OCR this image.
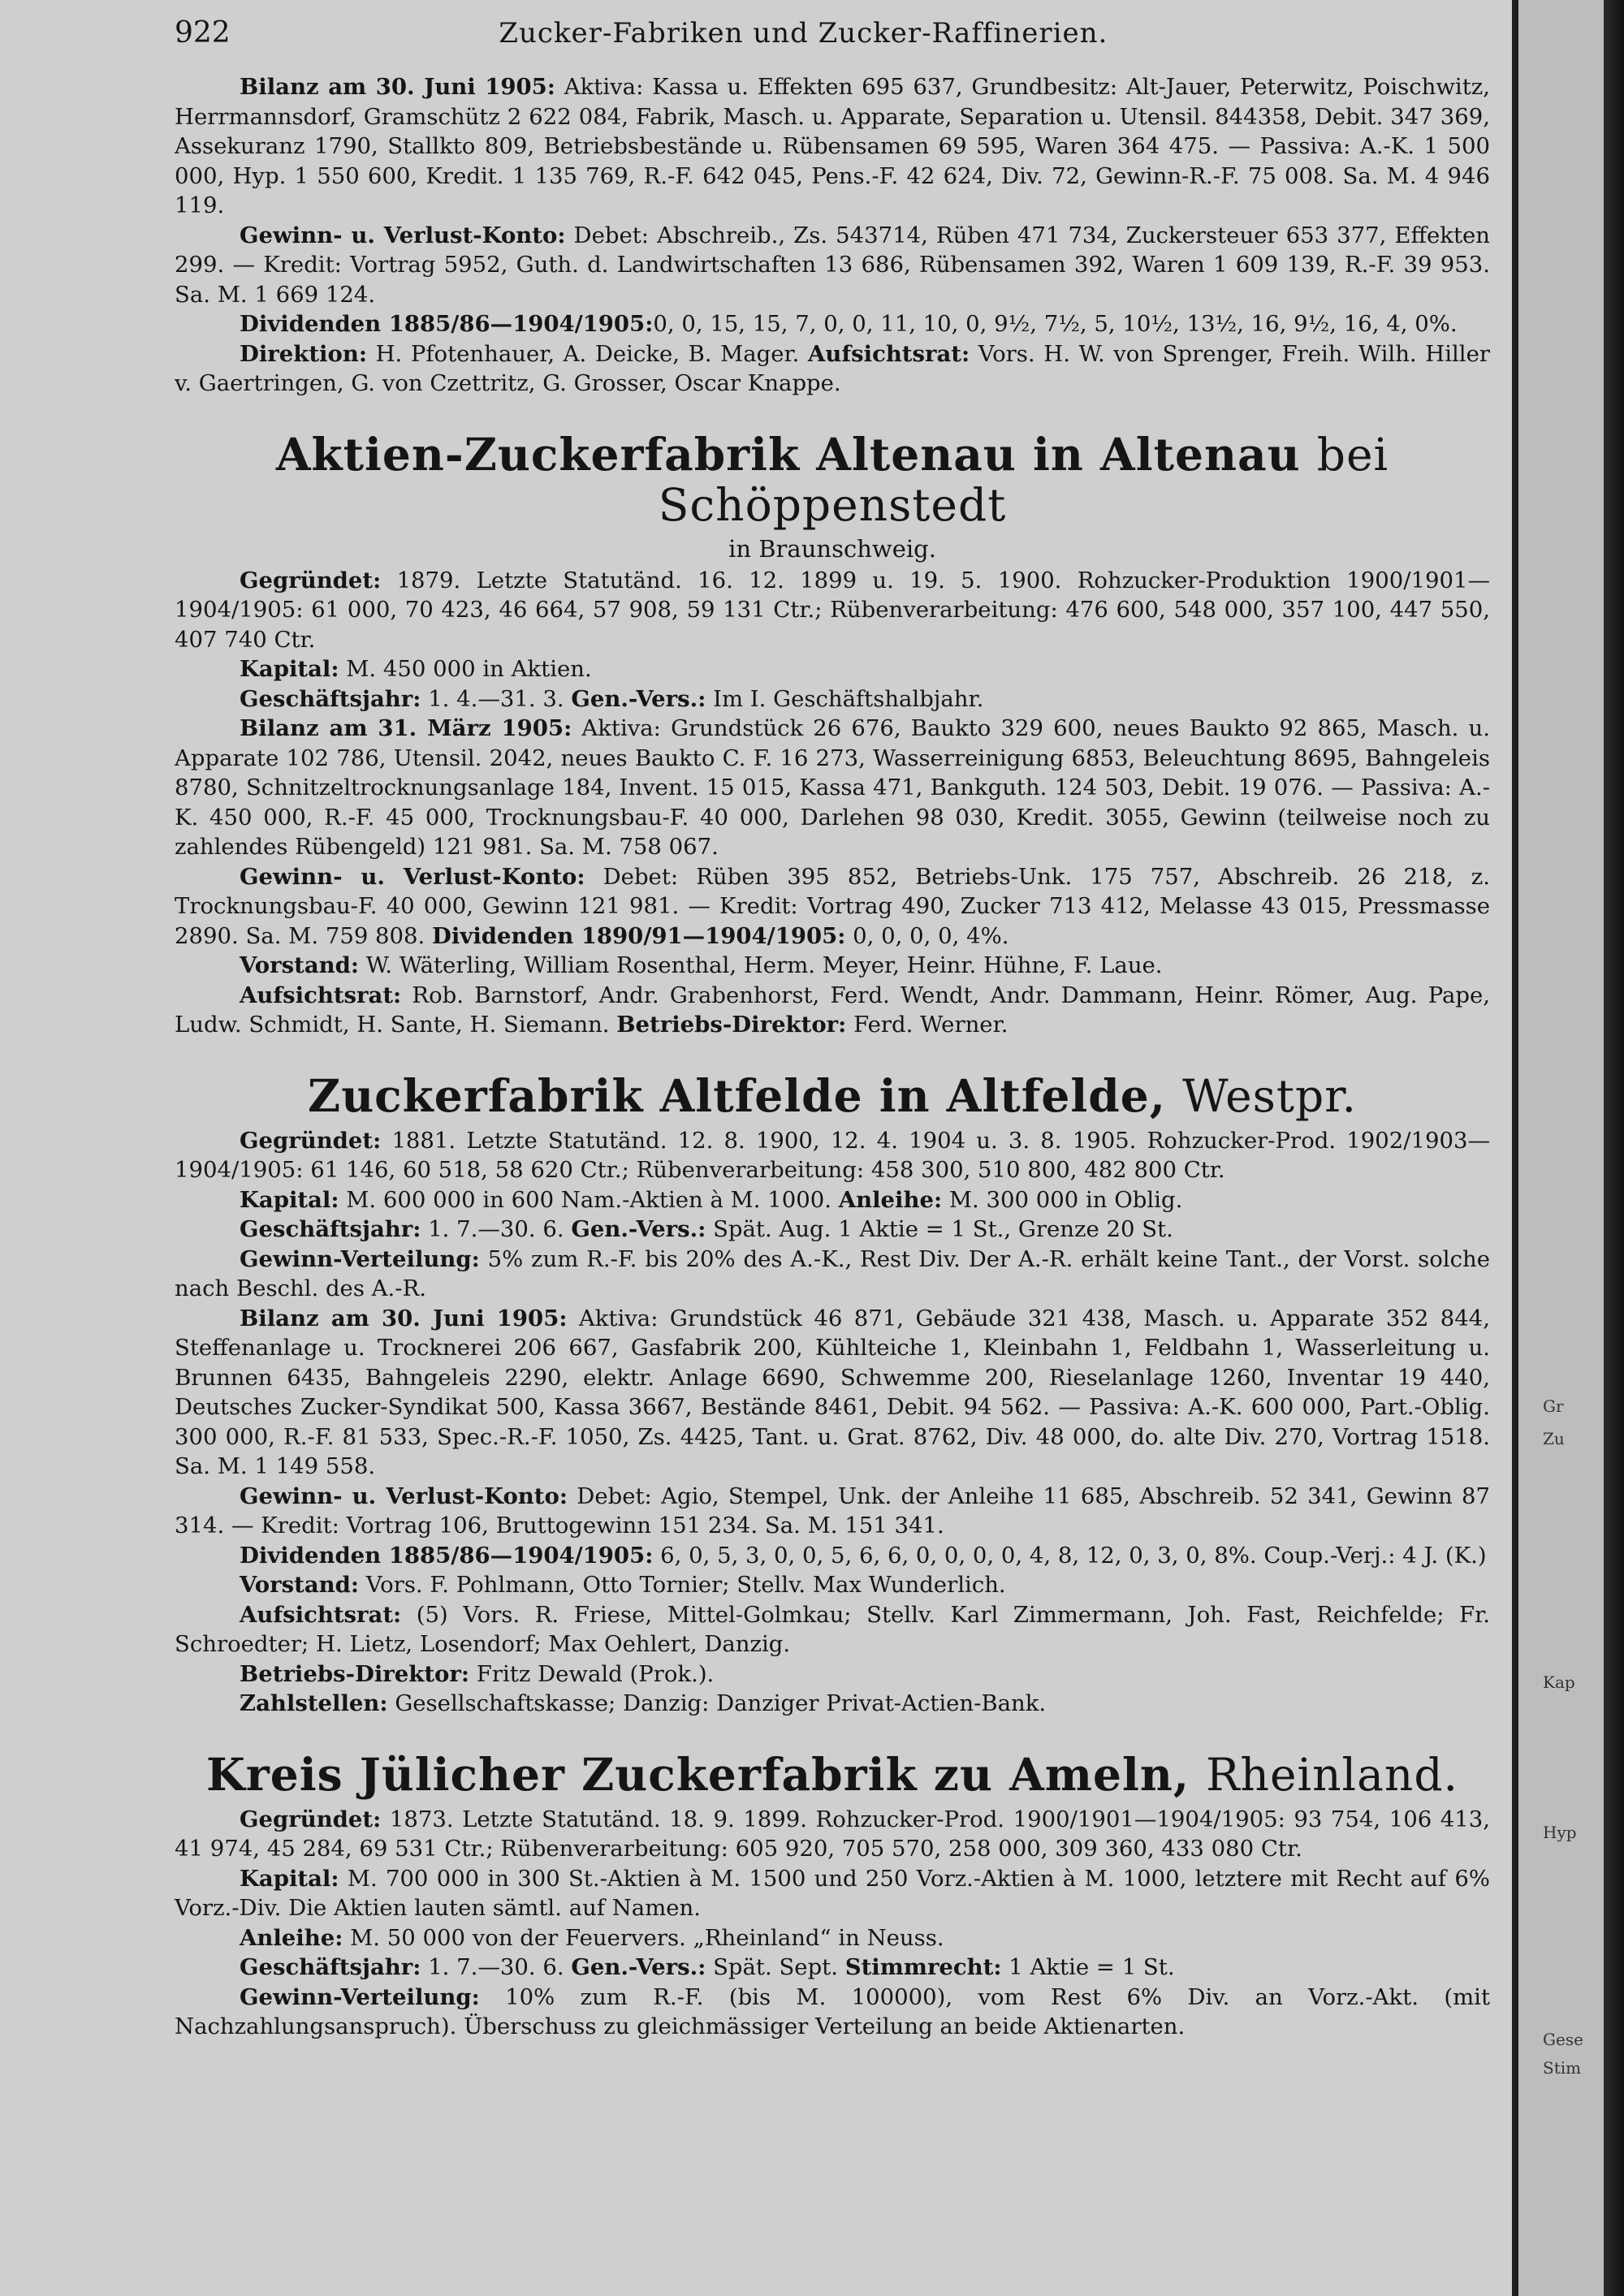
922	Zucker-Fabriken und Zucker-Raffinerien.

Bilanz am 30. Juni 1905: Aktiva: Kassa u. Effekten 695 637, Grundbesitz: Alt-Jauer, Peterwitz, Poischwitz, Herrmannsdorf, Gramschütz 2 622 084, Fabrik, Masch. u. Apparate, Separation u. Utensil. 844358, Debit. 347 369, Assekuranz 1790, Stallkto 809, Betriebsbestände u. Rübensamen 69 595, Waren 364 475. — Passiva: A.-K. 1 500 000, Hyp. 1 550 600, Kredit. 1 135 769, R.-F. 642 045, Pens.-F. 42 624, Div. 72, Gewinn-R.-F. 75 008. Sa. M. 4 946 119.

Gewinn- u. Verlust-Konto: Debet: Abschreib., Zs. 543714, Rüben 471 734, Zuckersteuer 653 377, Effekten 299. — Kredit: Vortrag 5952, Guth. d. Landwirtschaften 13 686, Rübensamen 392, Waren 1 609 139, R.-F. 39 953. Sa. M. 1 669 124.

Dividenden 1885/86—1904/1905:0, 0, 15, 15, 7, 0, 0, 11, 10, 0, 9½, 7½, 5, 10½, 13½, 16, 9½, 16, 4, 0%.

Direktion: H. Pfotenhauer, A. Deicke, B. Mager. Aufsichtsrat: Vors. H. W. von Sprenger, Freih. Wilh. Hiller v. Gaertringen, G. von Czettritz, G. Grosser, Oscar Knappe.

Aktien-Zuckerfabrik Altenau in Altenau bei Schöppenstedt
in Braunschweig.

Gegründet: 1879. Letzte Statutänd. 16. 12. 1899 u. 19. 5. 1900. Rohzucker-Produktion 1900/1901—1904/1905: 61 000, 70 423, 46 664, 57 908, 59 131 Ctr.; Rübenverarbeitung: 476 600, 548 000, 357 100, 447 550, 407 740 Ctr.

Kapital: M. 450 000 in Aktien.

Geschäftsjahr: 1. 4.—31. 3. Gen.-Vers.: Im I. Geschäftshalbjahr.

Bilanz am 31. März 1905: Aktiva: Grundstück 26 676, Baukto 329 600, neues Baukto 92 865, Masch. u. Apparate 102 786, Utensil. 2042, neues Baukto C. F. 16 273, Wasserreinigung 6853, Beleuchtung 8695, Bahngeleis 8780, Schnitzeltrocknungsanlage 184, Invent. 15 015, Kassa 471, Bankguth. 124 503, Debit. 19 076. — Passiva: A.-K. 450 000, R.-F. 45 000, Trocknungsbau-F. 40 000, Darlehen 98 030, Kredit. 3055, Gewinn (teilweise noch zu zahlendes Rübengeld) 121 981. Sa. M. 758 067.

Gewinn- u. Verlust-Konto: Debet: Rüben 395 852, Betriebs-Unk. 175 757, Abschreib. 26 218, z. Trocknungsbau-F. 40 000, Gewinn 121 981. — Kredit: Vortrag 490, Zucker 713 412, Melasse 43 015, Pressmasse 2890. Sa. M. 759 808. Dividenden 1890/91—1904/1905: 0, 0, 0, 0, 4%.

Vorstand: W. Wäterling, William Rosenthal, Herm. Meyer, Heinr. Hühne, F. Laue.

Aufsichtsrat: Rob. Barnstorf, Andr. Grabenhorst, Ferd. Wendt, Andr. Dammann, Heinr. Römer, Aug. Pape, Ludw. Schmidt, H. Sante, H. Siemann. Betriebs-Direktor: Ferd. Werner.

Zuckerfabrik Altfelde in Altfelde, Westpr.

Gegründet: 1881. Letzte Statutänd. 12. 8. 1900, 12. 4. 1904 u. 3. 8. 1905. Rohzucker-Prod. 1902/1903—1904/1905: 61 146, 60 518, 58 620 Ctr.; Rübenverarbeitung: 458 300, 510 800, 482 800 Ctr.

Kapital: M. 600 000 in 600 Nam.-Aktien à M. 1000. Anleihe: M. 300 000 in Oblig.

Geschäftsjahr: 1. 7.—30. 6. Gen.-Vers.: Spät. Aug. 1 Aktie = 1 St., Grenze 20 St.

Gewinn-Verteilung: 5% zum R.-F. bis 20% des A.-K., Rest Div. Der A.-R. erhält keine Tant., der Vorst. solche nach Beschl. des A.-R.

Bilanz am 30. Juni 1905: Aktiva: Grundstück 46 871, Gebäude 321 438, Masch. u. Apparate 352 844, Steffenanlage u. Trocknerei 206 667, Gasfabrik 200, Kühlteiche 1, Kleinbahn 1, Feldbahn 1, Wasserleitung u. Brunnen 6435, Bahngeleis 2290, elektr. Anlage 6690, Schwemme 200, Rieselanlage 1260, Inventar 19 440, Deutsches Zucker-Syndikat 500, Kassa 3667, Bestände 8461, Debit. 94 562. — Passiva: A.-K. 600 000, Part.-Oblig. 300 000, R.-F. 81 533, Spec.-R.-F. 1050, Zs. 4425, Tant. u. Grat. 8762, Div. 48 000, do. alte Div. 270, Vortrag 1518. Sa. M. 1 149 558.

Gewinn- u. Verlust-Konto: Debet: Agio, Stempel, Unk. der Anleihe 11 685, Abschreib. 52 341, Gewinn 87 314. — Kredit: Vortrag 106, Bruttogewinn 151 234. Sa. M. 151 341.

Dividenden 1885/86—1904/1905: 6, 0, 5, 3, 0, 0, 5, 6, 6, 0, 0, 0, 0, 4, 8, 12, 0, 3, 0, 8%. Coup.-Verj.: 4 J. (K.)

Vorstand: Vors. F. Pohlmann, Otto Tornier; Stellv. Max Wunderlich.

Aufsichtsrat: (5) Vors. R. Friese, Mittel-Golmkau; Stellv. Karl Zimmermann, Joh. Fast, Reichfelde; Fr. Schroedter; H. Lietz, Losendorf; Max Oehlert, Danzig.

Betriebs-Direktor: Fritz Dewald (Prok.).

Zahlstellen: Gesellschaftskasse; Danzig: Danziger Privat-Actien-Bank.

Kreis Jülicher Zuckerfabrik zu Ameln, Rheinland.

Gegründet: 1873. Letzte Statutänd. 18. 9. 1899. Rohzucker-Prod. 1900/1901—1904/1905: 93 754, 106 413, 41 974, 45 284, 69 531 Ctr.; Rübenverarbeitung: 605 920, 705 570, 258 000, 309 360, 433 080 Ctr.

Kapital: M. 700 000 in 300 St.-Aktien à M. 1500 und 250 Vorz.-Aktien à M. 1000, letztere mit Recht auf 6% Vorz.-Div. Die Aktien lauten sämtl. auf Namen.

Anleihe: M. 50 000 von der Feuervers. „Rheinland“ in Neuss.

Geschäftsjahr: 1. 7.—30. 6. Gen.-Vers.: Spät. Sept. Stimmrecht: 1 Aktie = 1 St.

Gewinn-Verteilung: 10% zum R.-F. (bis M. 100000), vom Rest 6% Div. an Vorz.-Akt. (mit Nachzahlungsanspruch). Überschuss zu gleichmässiger Verteilung an beide Aktienarten.

Gr
Zu
Kap
Hyp
Gese
Stim
